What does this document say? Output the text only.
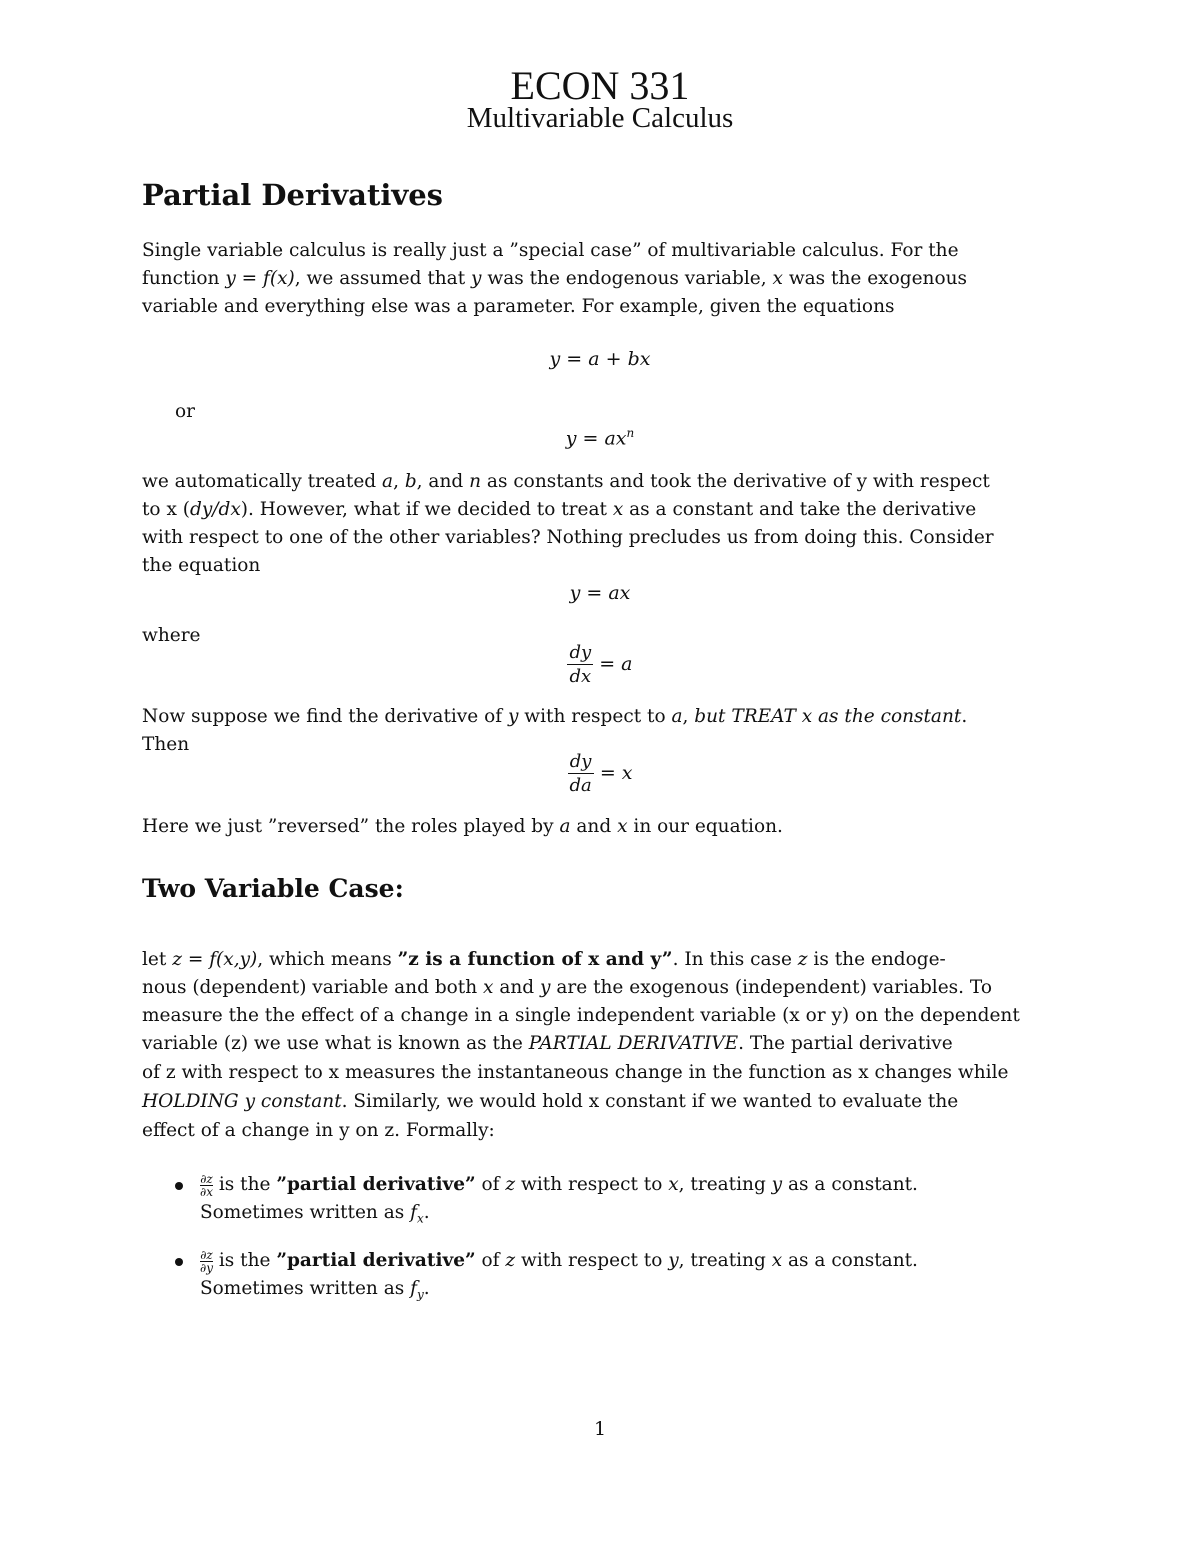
ECON 331
Multivariable Calculus
Partial Derivatives
Single variable calculus is really just a ”special case” of multivariable calculus. For the
function y = f(x), we assumed that y was the endogenous variable, x was the exogenous
variable and everything else was a parameter. For example, given the equations
y = a + bx
or
$y = ax^n$
we automatically treated a, b, and n as constants and took the derivative of y with respect
to x (dy/dx). However, what if we decided to treat x as a constant and take the derivative
with respect to one of the other variables? Nothing precludes us from doing this. Consider
the equation
y = ax
where
$\frac{dy}{dx} = a$
Now suppose we find the derivative of y with respect to a, but TREAT x as the constant.
Then
$\frac{dy}{da} = x$
Here we just ”reversed” the roles played by a and x in our equation.
Two Variable Case:
let z = f(x,y), which means ”z is a function of x and y”. In this case z is the endoge-
nous (dependent) variable and both x and y are the exogenous (independent) variables. To
measure the the effect of a change in a single independent variable (x or y) on the dependent
variable (z) we use what is known as the PARTIAL DERIVATIVE. The partial derivative
of z with respect to x measures the instantaneous change in the function as x changes while
HOLDING y constant. Similarly, we would hold x constant if we wanted to evaluate the
effect of a change in y on z. Formally:
$\frac{\partial z}{\partial x}$ is the ”partial derivative” of z with respect to x, treating y as a constant.
Sometimes written as $f_x$.
$\frac{\partial z}{\partial y}$ is the ”partial derivative” of z with respect to y, treating x as a constant.
Sometimes written as $f_y$.
1
